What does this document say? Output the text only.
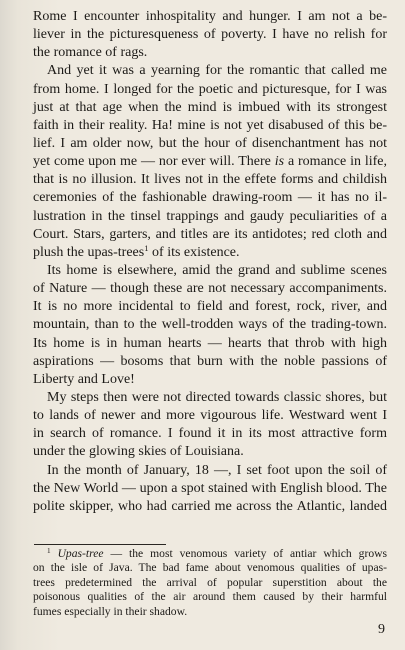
Rome I encounter inhospitality and hunger. I am not a be-
liever in the picturesqueness of poverty. I have no relish for
the romance of rags.
And yet it was a yearning for the romantic that called me
from home. I longed for the poetic and picturesque, for I was
just at that age when the mind is imbued with its strongest
faith in their reality. Ha! mine is not yet disabused of this be-
lief. I am older now, but the hour of disenchantment has not
yet come upon me — nor ever will. There is a romance in life,
that is no illusion. It lives not in the effete forms and childish
ceremonies of the fashionable drawing-room — it has no il-
lustration in the tinsel trappings and gaudy peculiarities of a
Court. Stars, garters, and titles are its antidotes; red cloth and
plush the upas-trees$^1$ of its existence.
Its home is elsewhere, amid the grand and sublime scenes
of Nature — though these are not necessary accompaniments.
It is no more incidental to field and forest, rock, river, and
mountain, than to the well-trodden ways of the trading-town.
Its home is in human hearts — hearts that throb with high
aspirations — bosoms that burn with the noble passions of
Liberty and Love!
My steps then were not directed towards classic shores, but
to lands of newer and more vigourous life. Westward went I
in search of romance. I found it in its most attractive form
under the glowing skies of Louisiana.
In the month of January, 18 —, I set foot upon the soil of
the New World — upon a spot stained with English blood. The
polite skipper, who had carried me across the Atlantic, landed
$^1$ Upas-tree — the most venomous variety of antiar which grows
on the isle of Java. The bad fame about venomous qualities of upas-
trees predetermined the arrival of popular superstition about the
poisonous qualities of the air around them caused by their harmful
fumes especially in their shadow.
9
